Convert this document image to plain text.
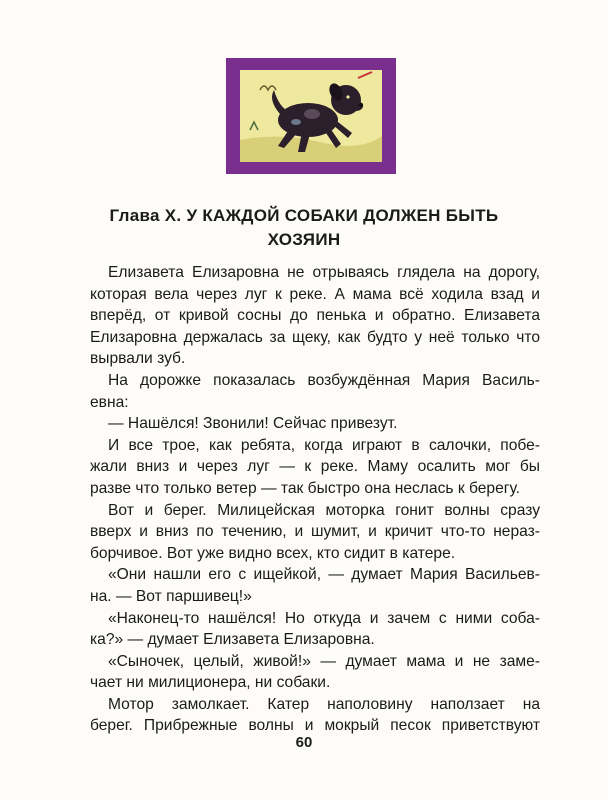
Глава X. У КАЖДОЙ СОБАКИ ДОЛЖЕН БЫТЬ
ХОЗЯИН
Елизавета Елизаровна не отрываясь глядела на дорогу,
которая вела через луг к реке. А мама всё ходила взад и
вперёд, от кривой сосны до пенька и обратно. Елизавета
Елизаровна держалась за щеку, как будто у неё только что
вырвали зуб.
На дорожке показалась возбуждённая Мария Василь-
евна:
— Нашёлся! Звонили! Сейчас привезут.
И все трое, как ребята, когда играют в салочки, побе-
жали вниз и через луг — к реке. Маму осалить мог бы
разве что только ветер — так быстро она неслась к берегу.
Вот и берег. Милицейская моторка гонит волны сразу
вверх и вниз по течению, и шумит, и кричит что-то нераз-
борчивое. Вот уже видно всех, кто сидит в катере.
«Они нашли его с ищейкой, — думает Мария Васильев-
на. — Вот паршивец!»
«Наконец-то нашёлся! Но откуда и зачем с ними соба-
ка?» — думает Елизавета Елизаровна.
«Сыночек, целый, живой!» — думает мама и не заме-
чает ни милиционера, ни собаки.
Мотор замолкает. Катер наполовину наползает на
берег. Прибрежные волны и мокрый песок приветствуют
60
